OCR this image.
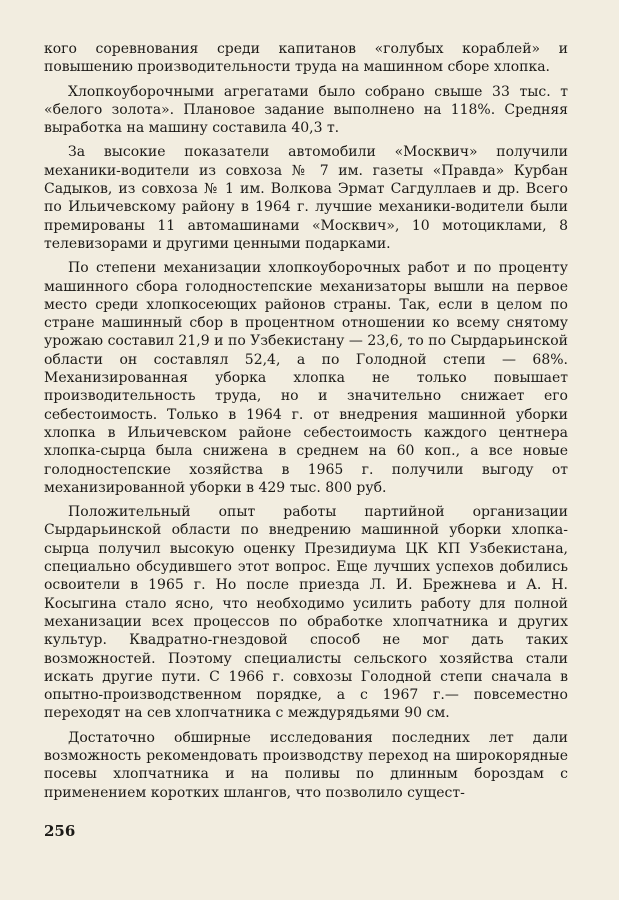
кого соревнования среди капитанов «голубых кораблей» и повышению производительности труда на машинном сборе хлопка.

Хлопкоуборочными агрегатами было собрано свыше 33 тыс. т «белого золота». Плановое задание выполнено на 118%. Средняя выработка на машину составила 40,3 т.

За высокие показатели автомобили «Москвич» получили механики-водители из совхоза № 7 им. газеты «Правда» Курбан Садыков, из совхоза № 1 им. Волкова Эрмат Сагдуллаев и др. Всего по Ильичевскому району в 1964 г. лучшие механики-водители были премированы 11 автомашинами «Москвич», 10 мотоциклами, 8 телевизорами и другими ценными подарками.

По степени механизации хлопкоуборочных работ и по проценту машинного сбора голодностепские механизаторы вышли на первое место среди хлопкосеющих районов страны. Так, если в целом по стране машинный сбор в процентном отношении ко всему снятому урожаю составил 21,9 и по Узбекистану — 23,6, то по Сырдарьинской области он составлял 52,4, а по Голодной степи — 68%. Механизированная уборка хлопка не только повышает производительность труда, но и значительно снижает его себестоимость. Только в 1964 г. от внедрения машинной уборки хлопка в Ильичевском районе себестоимость каждого центнера хлопка-сырца была снижена в среднем на 60 коп., а все новые голодностепские хозяйства в 1965 г. получили выгоду от механизированной уборки в 429 тыс. 800 руб.

Положительный опыт работы партийной организации Сырдарьинской области по внедрению машинной уборки хлопка-сырца получил высокую оценку Президиума ЦК КП Узбекистана, специально обсудившего этот вопрос. Еще лучших успехов добились освоители в 1965 г. Но после приезда Л. И. Брежнева и А. Н. Косыгина стало ясно, что необходимо усилить работу для полной механизации всех процессов по обработке хлопчатника и других культур. Квадратно-гнездовой способ не мог дать таких возможностей. Поэтому специалисты сельского хозяйства стали искать другие пути. С 1966 г. совхозы Голодной степи сначала в опытно-производственном порядке, а с 1967 г.— повсеместно переходят на сев хлопчатника с междурядьями 90 см.

Достаточно обширные исследования последних лет дали возможность рекомендовать производству переход на широкорядные посевы хлопчатника и на поливы по длинным бороздам с применением коротких шлангов, что позволило сущест-

256
